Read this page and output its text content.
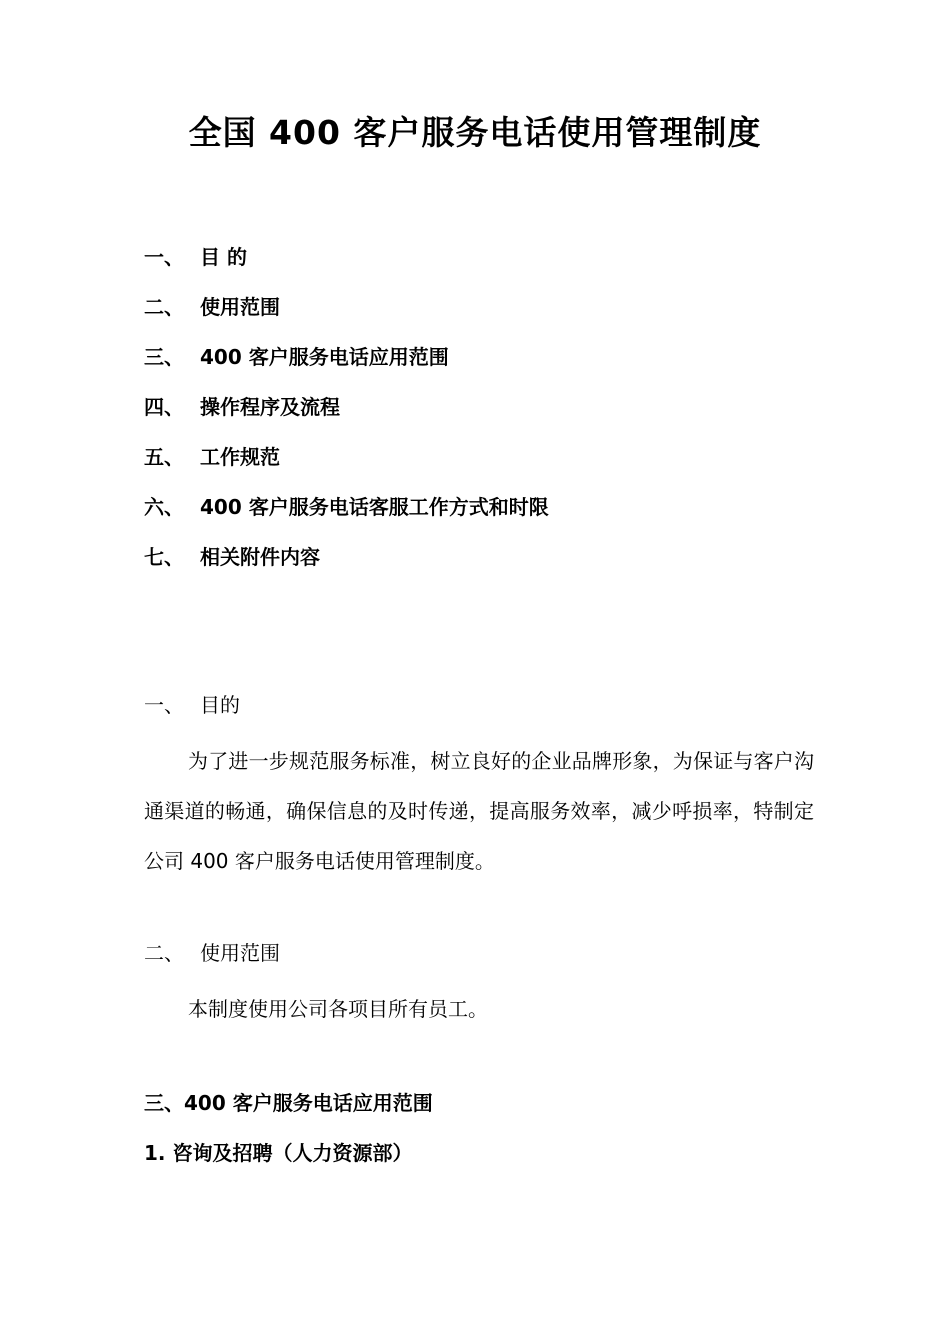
全国 400 客户服务电话使用管理制度
一、 目 的
二、 使用范围
三、 400 客户服务电话应用范围
四、 操作程序及流程
五、 工作规范
六、 400 客户服务电话客服工作方式和时限
七、 相关附件内容
一、 目的

为了进一步规范服务标准，树立良好的企业品牌形象，为保证与客户沟通渠道的畅通，确保信息的及时传递，提高服务效率，减少呼损率，特制定公司 400 客户服务电话使用管理制度。

二、 使用范围

本制度使用公司各项目所有员工。

三、400 客户服务电话应用范围
1. 咨询及招聘（人力资源部）
